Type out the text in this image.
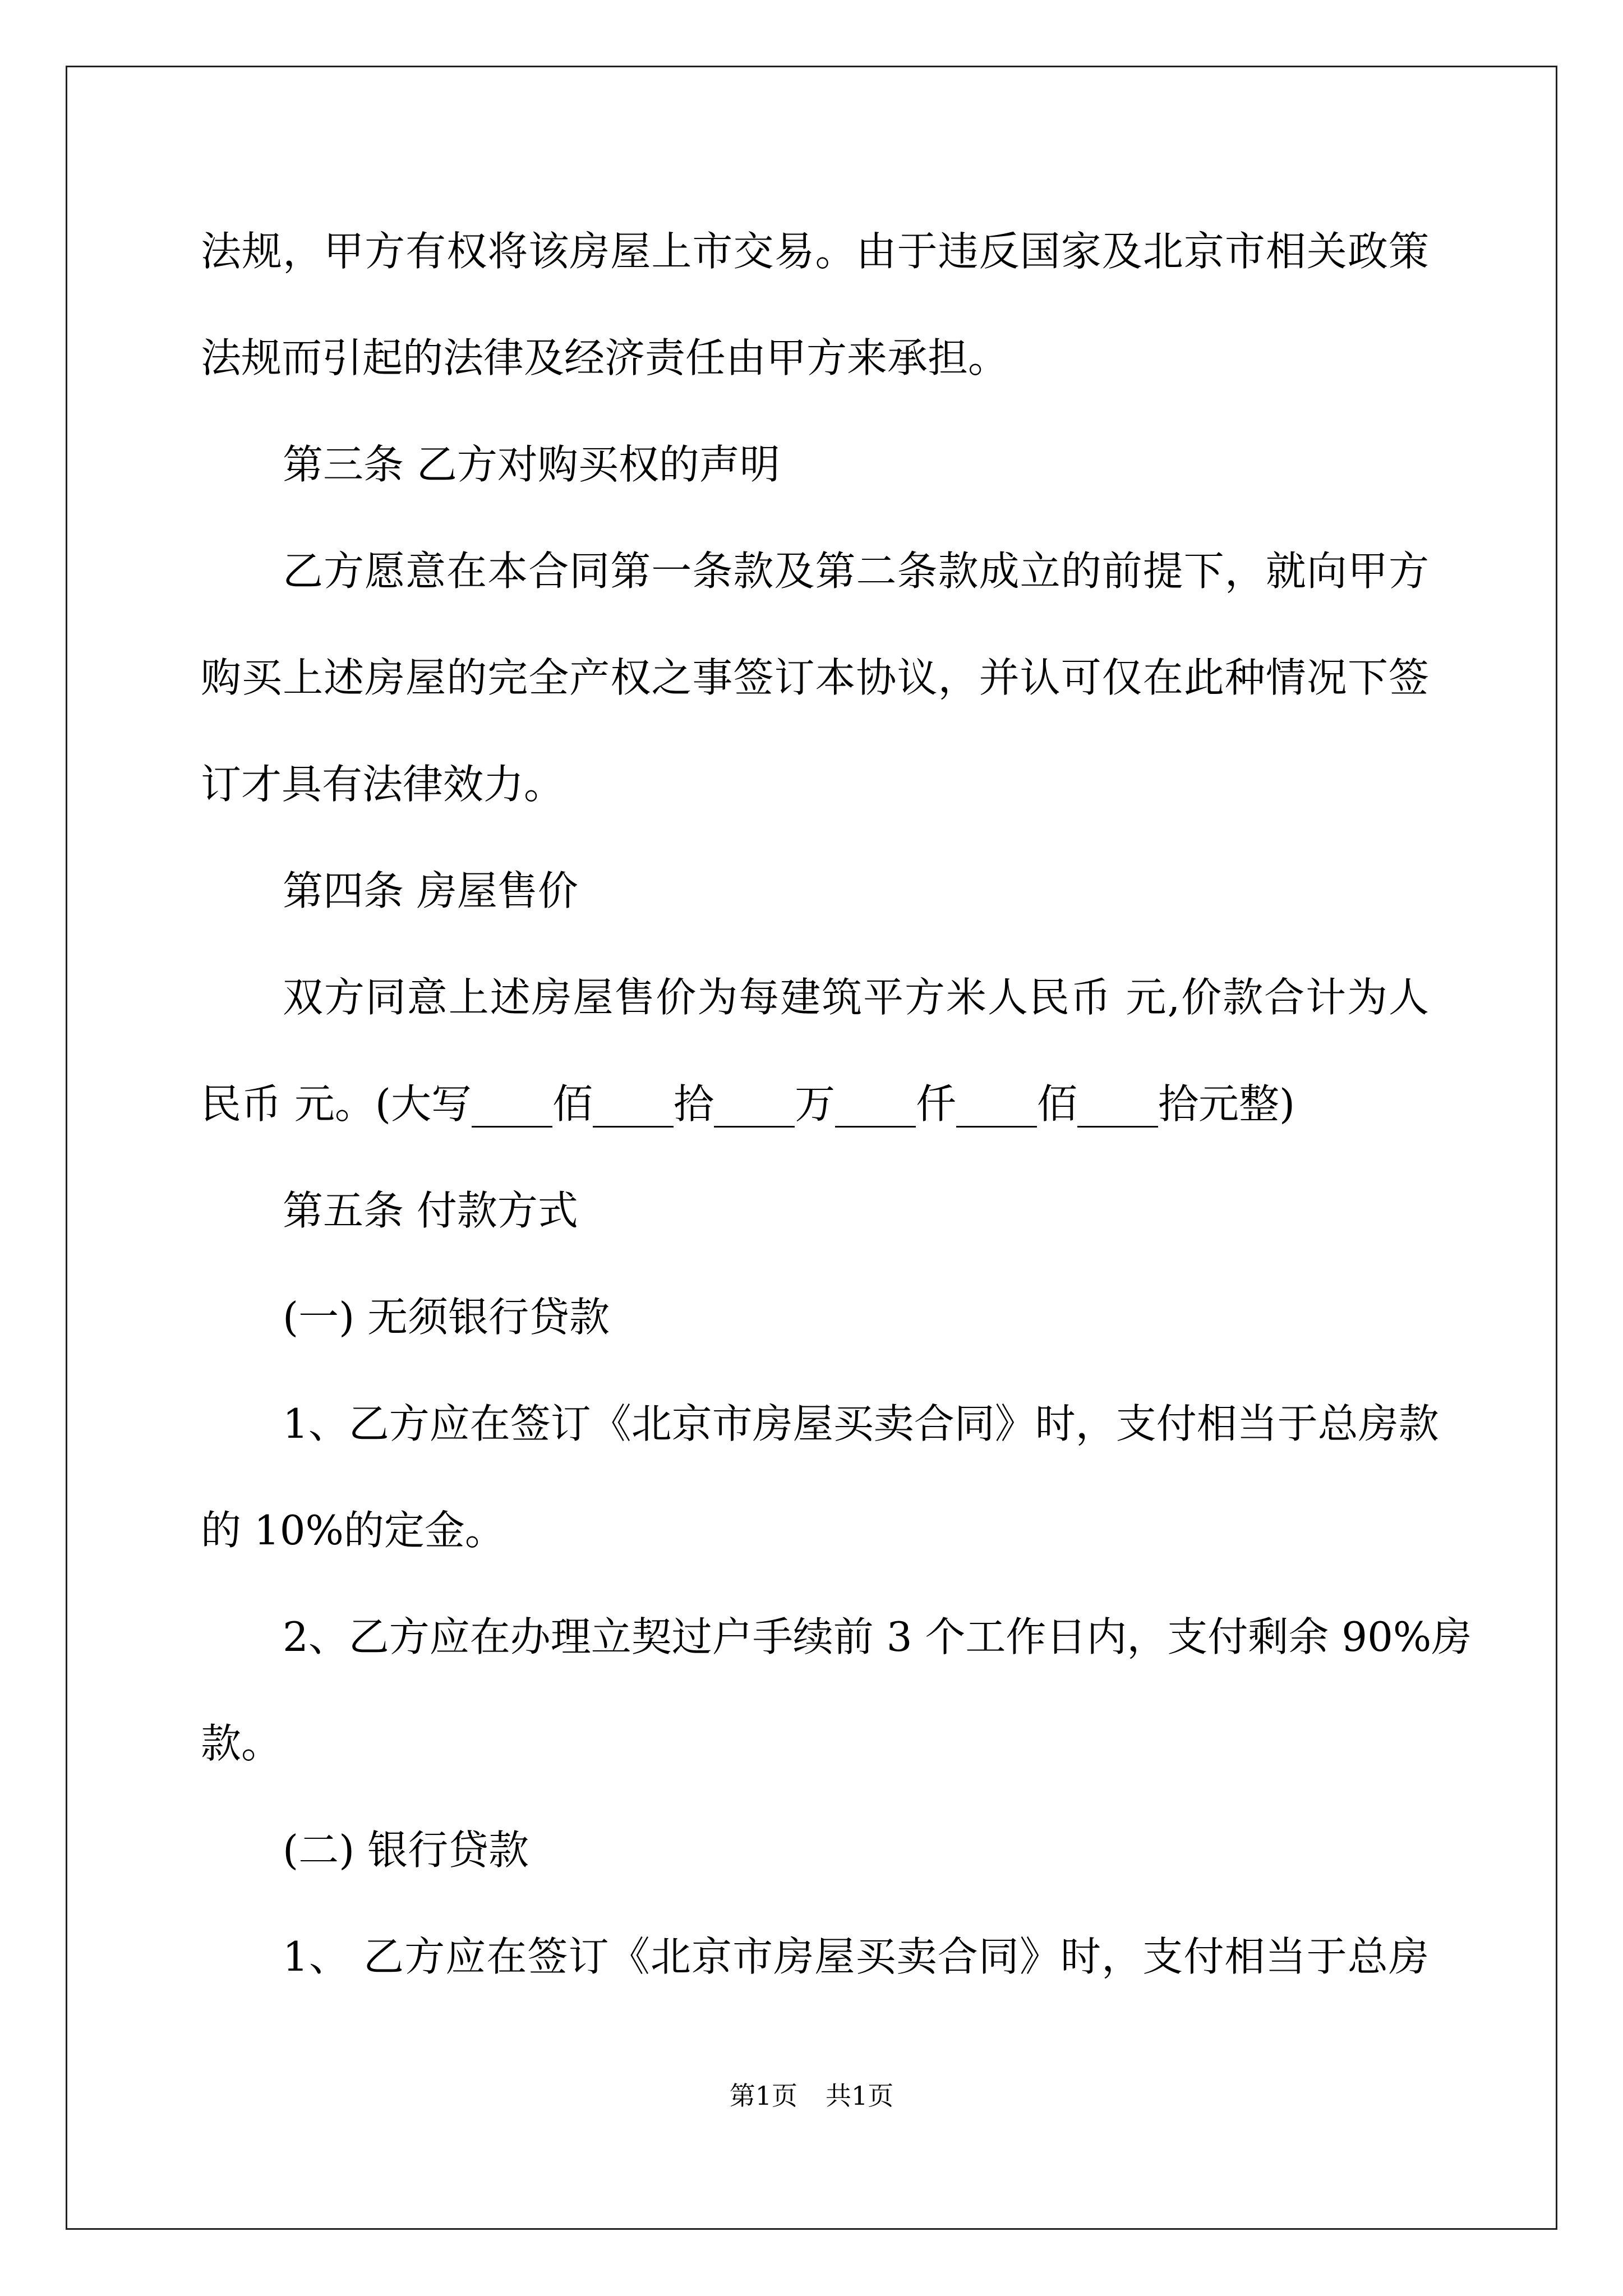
法规，甲方有权将该房屋上市交易。由于违反国家及北京市相关政策
法规而引起的法律及经济责任由甲方来承担。
第三条 乙方对购买权的声明
乙方愿意在本合同第一条款及第二条款成立的前提下，就向甲方
购买上述房屋的完全产权之事签订本协议，并认可仅在此种情况下签
订才具有法律效力。
第四条 房屋售价
双方同意上述房屋售价为每建筑平方米人民币 元,价款合计为人
民币 元。(大写____佰____拾____万____仟____佰____拾元整)
第五条 付款方式
(一) 无须银行贷款
1、乙方应在签订《北京市房屋买卖合同》时，支付相当于总房款
的 10%的定金。
2、乙方应在办理立契过户手续前 3 个工作日内，支付剩余 90%房
款。
(二) 银行贷款
1、 乙方应在签订《北京市房屋买卖合同》时，支付相当于总房
第1页 共1页
